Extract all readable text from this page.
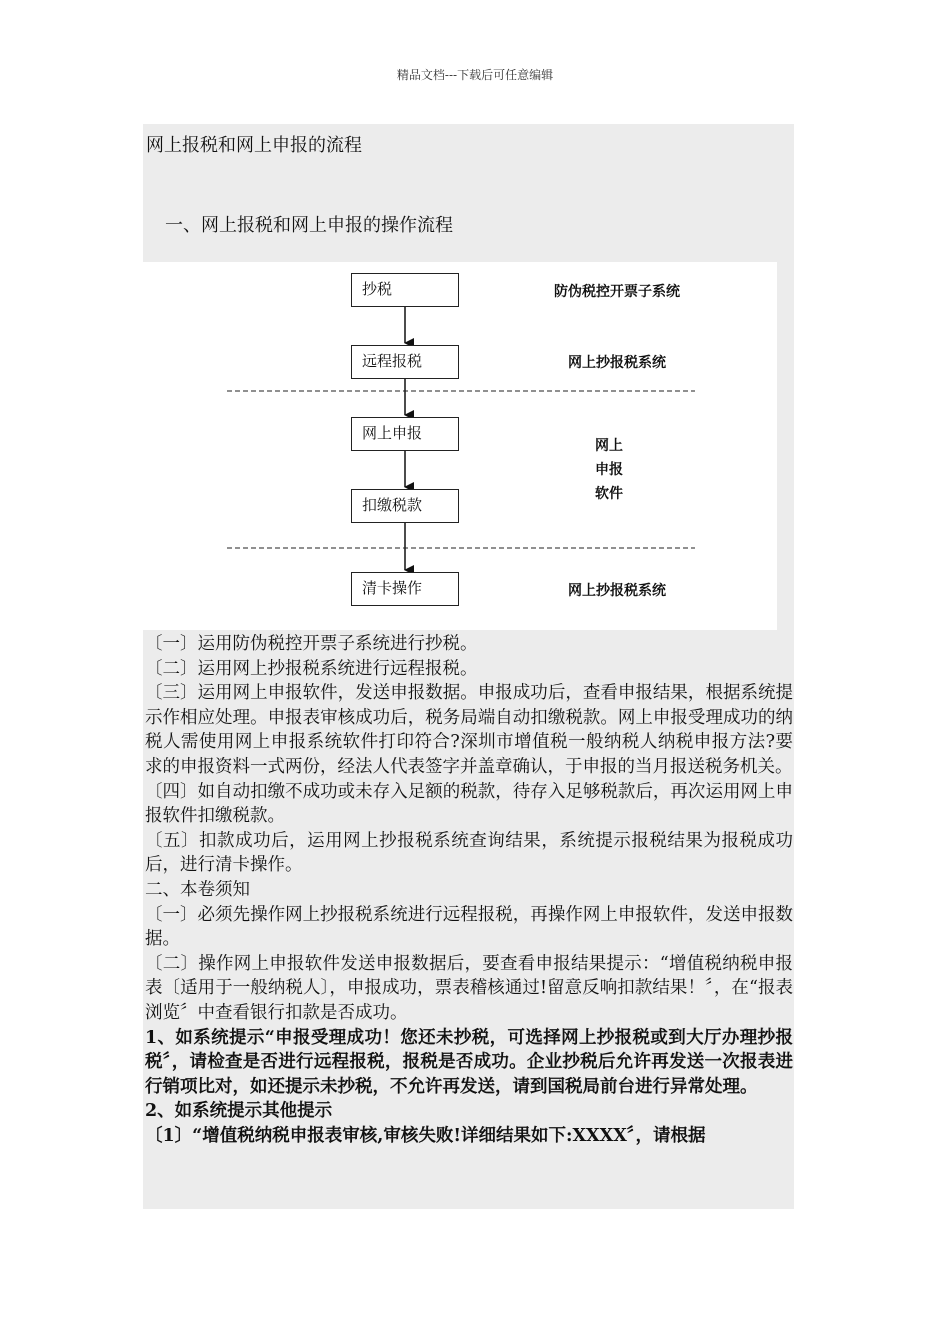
精品文档---下载后可任意编辑
网上报税和网上申报的流程
一、网上报税和网上申报的操作流程
抄税
远程报税
网上申报
扣缴税款
清卡操作
防伪税控开票子系统
网上抄报税系统
网上
申报
软件
网上抄报税系统

〔一〕运用防伪税控开票子系统进行抄税。

〔二〕运用网上抄报税系统进行远程报税。

〔三〕运用网上申报软件，发送申报数据。申报成功后，查看申报结果，根据系统提示作相应处理。申报表审核成功后，税务局端自动扣缴税款。网上申报受理成功的纳税人需使用网上申报系统软件打印符合?深圳市增值税一般纳税人纳税申报方法?要求的申报资料一式两份，经法人代表签字并盖章确认，于申报的当月报送税务机关。

〔四〕如自动扣缴不成功或未存入足额的税款，待存入足够税款后，再次运用网上申报软件扣缴税款。

〔五〕扣款成功后，运用网上抄报税系统查询结果，系统提示报税结果为报税成功后，进行清卡操作。

二、本卷须知

〔一〕必须先操作网上抄报税系统进行远程报税，再操作网上申报软件，发送申报数据。

〔二〕操作网上申报软件发送申报数据后，要查看申报结果提示：“增值税纳税申报表〔适用于一般纳税人〕，申报成功，票表稽核通过!留意反响扣款结果！〞，在“报表浏览〞中查看银行扣款是否成功。

1、如系统提示“申报受理成功！您还未抄税，可选择网上抄报税或到大厅办理抄报税〞，请检查是否进行远程报税，报税是否成功。企业抄税后允许再发送一次报表进行销项比对，如还提示未抄税，不允许再发送，请到国税局前台进行异常处理。

2、如系统提示其他提示

〔1〕“增值税纳税申报表审核,审核失败!详细结果如下:XXXX〞，请根据
